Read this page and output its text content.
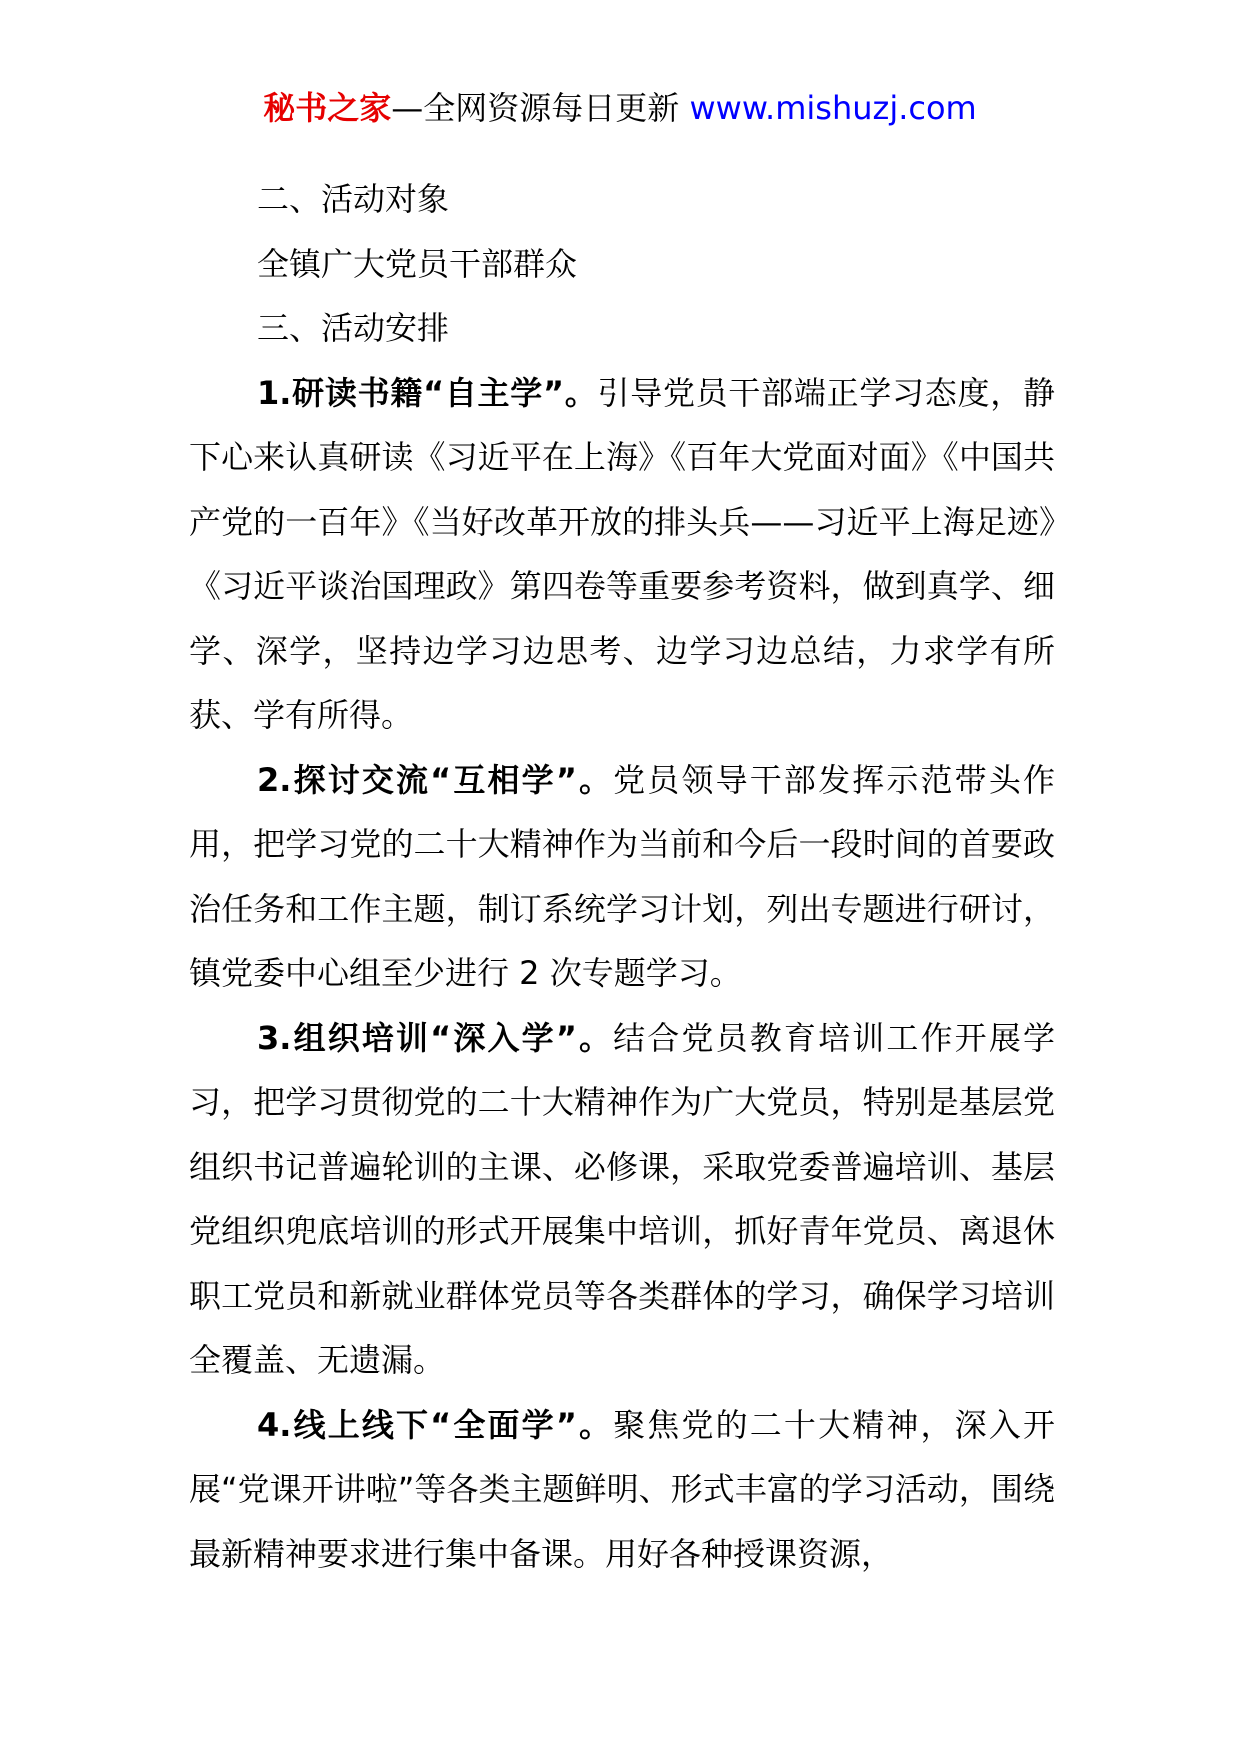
秘书之家—全网资源每日更新 www.mishuzj.com

二、活动对象

全镇广大党员干部群众

三、活动安排

1.研读书籍“自主学”。引导党员干部端正学习态度，静下心来认真研读《习近平在上海》《百年大党面对面》《中国共产党的一百年》《当好改革开放的排头兵——习近平上海足迹》《习近平谈治国理政》第四卷等重要参考资料，做到真学、细学、深学，坚持边学习边思考、边学习边总结，力求学有所获、学有所得。

2.探讨交流“互相学”。党员领导干部发挥示范带头作用，把学习党的二十大精神作为当前和今后一段时间的首要政治任务和工作主题，制订系统学习计划，列出专题进行研讨，镇党委中心组至少进行 2 次专题学习。

3.组织培训“深入学”。结合党员教育培训工作开展学习，把学习贯彻党的二十大精神作为广大党员，特别是基层党组织书记普遍轮训的主课、必修课，采取党委普遍培训、基层党组织兜底培训的形式开展集中培训，抓好青年党员、离退休职工党员和新就业群体党员等各类群体的学习，确保学习培训全覆盖、无遗漏。

4.线上线下“全面学”。聚焦党的二十大精神，深入开展“党课开讲啦”等各类主题鲜明、形式丰富的学习活动，围绕最新精神要求进行集中备课。用好各种授课资源，
